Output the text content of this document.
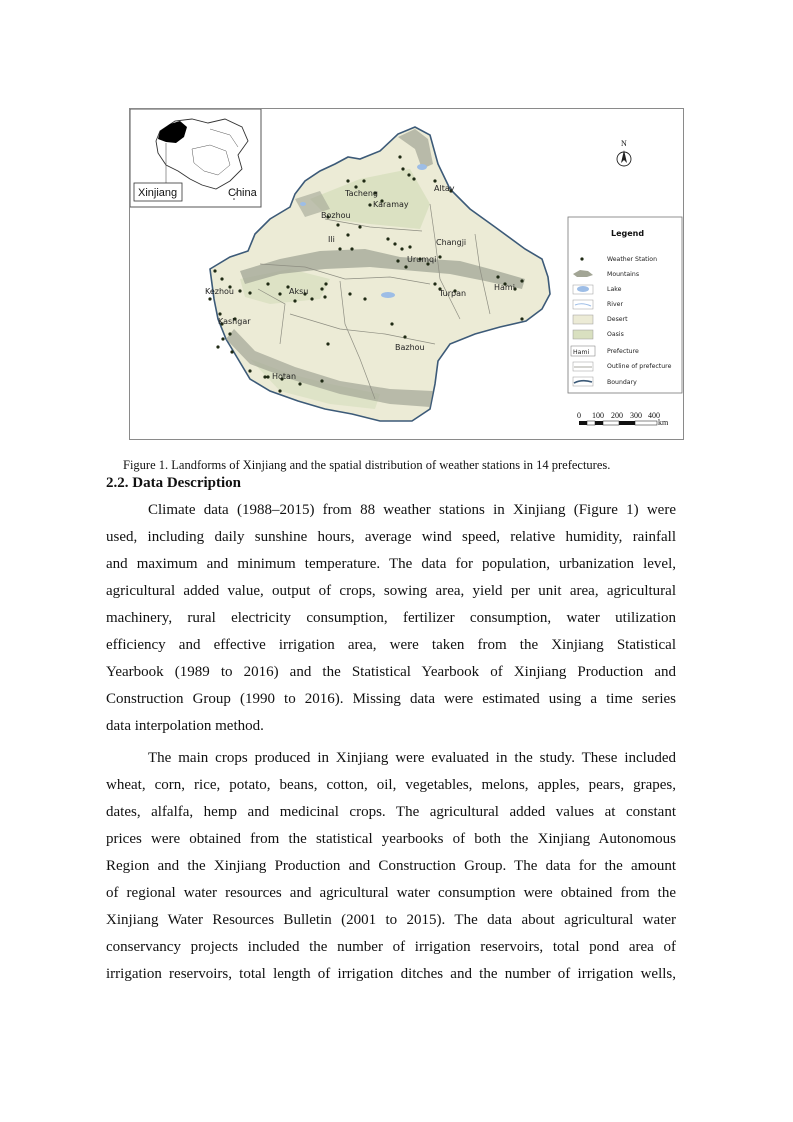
Altay
Tacheng
Karamay
Bozhou
Ili	Changji
Urumqi
Hami
Turpan
Kezhou	Aksu
Kashgar
Bazhou
Hotan
Xinjiang	China
N
Legend
Weather Station
Mountains
Lake
River
Desert
Oasis
Hami	Prefecture
Outline of prefecture
Boundary
0 100 200 300 400
km
Figure 1. Landforms of Xinjiang and the spatial distribution of weather stations in 14 prefectures.
2.2. Data Description
Climate data (1988–2015) from 88 weather stations in Xinjiang (Figure 1) were
used, including daily sunshine hours, average wind speed, relative humidity, rainfall
and maximum and minimum temperature. The data for population, urbanization level,
agricultural added value, output of crops, sowing area, yield per unit area, agricultural
machinery, rural electricity consumption, fertilizer consumption, water utilization
efficiency and effective irrigation area, were taken from the Xinjiang Statistical
Yearbook (1989 to 2016) and the Statistical Yearbook of Xinjiang Production and
Construction Group (1990 to 2016). Missing data were estimated using a time series
data interpolation method.
The main crops produced in Xinjiang were evaluated in the study. These included
wheat, corn, rice, potato, beans, cotton, oil, vegetables, melons, apples, pears, grapes,
dates, alfalfa, hemp and medicinal crops. The agricultural added values at constant
prices were obtained from the statistical yearbooks of both the Xinjiang Autonomous
Region and the Xinjiang Production and Construction Group. The data for the amount
of regional water resources and agricultural water consumption were obtained from the
Xinjiang Water Resources Bulletin (2001 to 2015). The data about agricultural water
conservancy projects included the number of irrigation reservoirs, total pond area of
irrigation reservoirs, total length of irrigation ditches and the number of irrigation wells,
